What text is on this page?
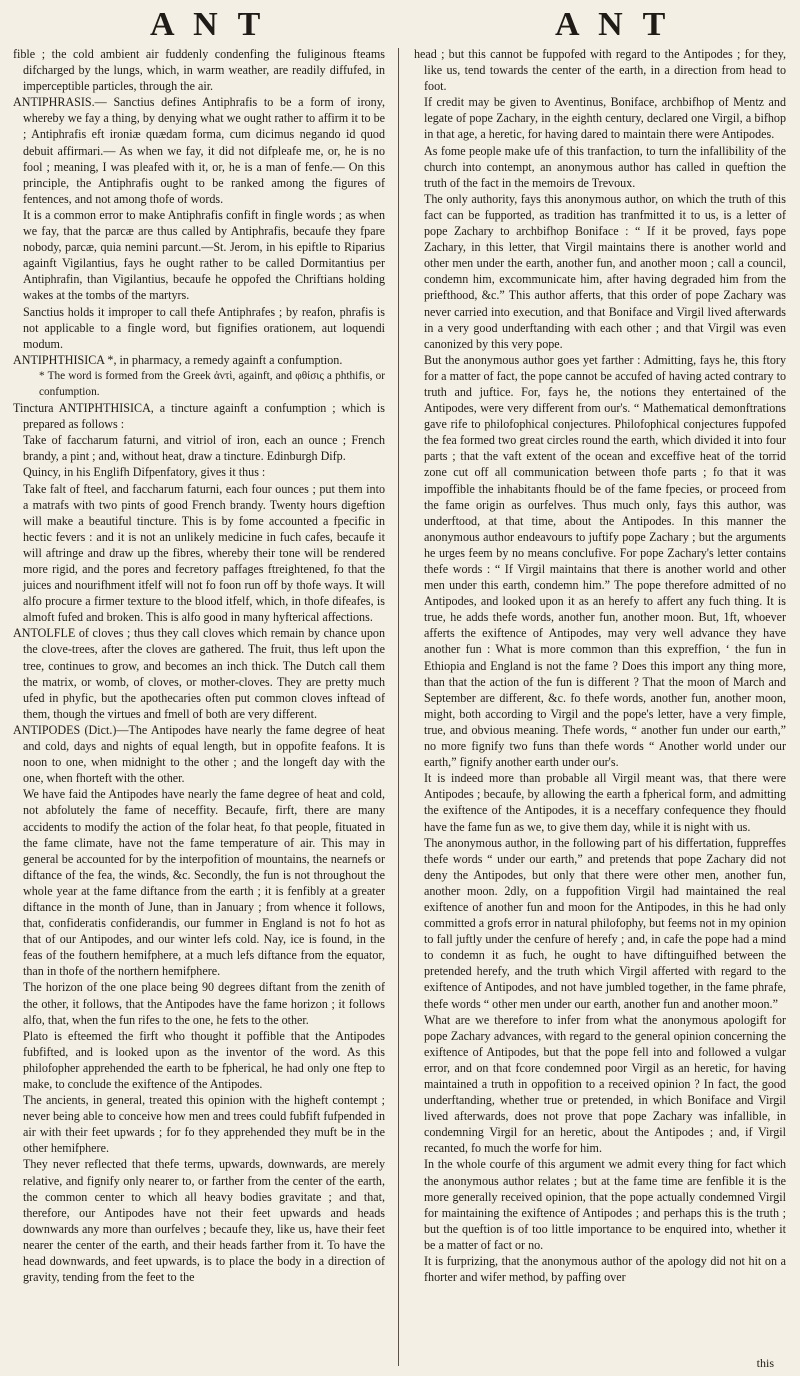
A N T	A N T

fible ; the cold ambient air fuddenly condenfing the fuliginous fteams difcharged by the lungs, which, in warm weather, are readily diffufed, in imperceptible particles, through the air.

ANTIPHRASIS.— Sanctius defines Antiphrafis to be a form of irony, whereby we fay a thing, by denying what we ought rather to affirm it to be ; Antiphrafis eft ironiæ quædam forma, cum dicimus negando id quod debuit affirmari.— As when we fay, it did not difpleafe me, or, he is no fool ; meaning, I was pleafed with it, or, he is a man of fenfe.— On this principle, the Antiphrafis ought to be ranked among the figures of fentences, and not among thofe of words.

It is a common error to make Antiphrafis confift in fingle words ; as when we fay, that the parcæ are thus called by Antiphrafis, becaufe they fpare nobody, parcæ, quia nemini parcunt.—St. Jerom, in his epiftle to Riparius againft Vigilantius, fays he ought rather to be called Dormitantius per Antiphrafin, than Vigilantius, becaufe he oppofed the Chriftians holding wakes at the tombs of the martyrs.

Sanctius holds it improper to call thefe Antiphrafes ; by reafon, phrafis is not applicable to a fingle word, but fignifies orationem, aut loquendi modum.

ANTIPHTHISICA *, in pharmacy, a remedy againft a confumption.

* The word is formed from the Greek ἀντὶ, againft, and φθίσις a phthifis, or confumption.

Tinctura ANTIPHTHISICA, a tincture againft a confumption ; which is prepared as follows :

Take of faccharum faturni, and vitriol of iron, each an ounce ; French brandy, a pint ; and, without heat, draw a tincture. Edinburgh Difp.

Quincy, in his Englifh Difpenfatory, gives it thus :

Take falt of fteel, and faccharum faturni, each four ounces ; put them into a matrafs with two pints of good French brandy. Twenty hours digeftion will make a beautiful tincture. This is by fome accounted a fpecific in hectic fevers : and it is not an unlikely medicine in fuch cafes, becaufe it will aftringe and draw up the fibres, whereby their tone will be rendered more rigid, and the pores and fecretory paffages ftreightened, fo that the juices and nourifhment itfelf will not fo foon run off by thofe ways. It will alfo procure a firmer texture to the blood itfelf, which, in thofe difeafes, is almoft fufed and broken. This is alfo good in many hyfterical affections.

ANTOLFLE of cloves ; thus they call cloves which remain by chance upon the clove-trees, after the cloves are gathered. The fruit, thus left upon the tree, continues to grow, and becomes an inch thick. The Dutch call them the matrix, or womb, of cloves, or mother-cloves. They are pretty much ufed in phyfic, but the apothecaries often put common cloves inftead of them, though the virtues and fmell of both are very different.

ANTIPODES (Dict.)—The Antipodes have nearly the fame degree of heat and cold, days and nights of equal length, but in oppofite feafons. It is noon to one, when midnight to the other ; and the longeft day with the one, when fhorteft with the other.

We have faid the Antipodes have nearly the fame degree of heat and cold, not abfolutely the fame of neceffity. Becaufe, firft, there are many accidents to modify the action of the folar heat, fo that people, fituated in the fame climate, have not the fame temperature of air. This may in general be accounted for by the interpofition of mountains, the nearnefs or diftance of the fea, the winds, &c. Secondly, the fun is not throughout the whole year at the fame diftance from the earth ; it is fenfibly at a greater diftance in the month of June, than in January ; from whence it follows, that, confideratis confiderandis, our fummer in England is not fo hot as that of our Antipodes, and our winter lefs cold. Nay, ice is found, in the feas of the fouthern hemifphere, at a much lefs diftance from the equator, than in thofe of the northern hemifphere.

The horizon of the one place being 90 degrees diftant from the zenith of the other, it follows, that the Antipodes have the fame horizon ; it follows alfo, that, when the fun rifes to the one, he fets to the other.

Plato is efteemed the firft who thought it poffible that the Antipodes fubfifted, and is looked upon as the inventor of the word. As this philofopher apprehended the earth to be fpherical, he had only one ftep to make, to conclude the exiftence of the Antipodes.

The ancients, in general, treated this opinion with the higheft contempt ; never being able to conceive how men and trees could fubfift fufpended in air with their feet upwards ; for fo they apprehended they muft be in the other hemifphere.

They never reflected that thefe terms, upwards, downwards, are merely relative, and fignify only nearer to, or farther from the center of the earth, the common center to which all heavy bodies gravitate ; and that, therefore, our Antipodes have not their feet upwards and heads downwards any more than ourfelves ; becaufe they, like us, have their feet nearer the center of the earth, and their heads farther from it. To have the head downwards, and feet upwards, is to place the body in a direction of gravity, tending from the feet to the

head ; but this cannot be fuppofed with regard to the Antipodes ; for they, like us, tend towards the center of the earth, in a direction from head to foot.

If credit may be given to Aventinus, Boniface, archbifhop of Mentz and legate of pope Zachary, in the eighth century, declared one Virgil, a bifhop in that age, a heretic, for having dared to maintain there were Antipodes.

As fome people make ufe of this tranfaction, to turn the infallibility of the church into contempt, an anonymous author has called in queftion the truth of the fact in the memoirs de Trevoux.

The only authority, fays this anonymous author, on which the truth of this fact can be fupported, as tradition has tranfmitted it to us, is a letter of pope Zachary to archbifhop Boniface : “ If it be proved, fays pope Zachary, in this letter, that Virgil maintains there is another world and other men under the earth, another fun, and another moon ; call a council, condemn him, excommunicate him, after having degraded him from the priefthood, &c.” This author afferts, that this order of pope Zachary was never carried into execution, and that Boniface and Virgil lived afterwards in a very good underftanding with each other ; and that Virgil was even canonized by this very pope.

But the anonymous author goes yet farther : Admitting, fays he, this ftory for a matter of fact, the pope cannot be accufed of having acted contrary to truth and juftice. For, fays he, the notions they entertained of the Antipodes, were very different from our's. “ Mathematical demonftrations gave rife to philofophical conjectures. Philofophical conjectures fuppofed the fea formed two great circles round the earth, which divided it into four parts ; that the vaft extent of the ocean and exceffive heat of the torrid zone cut off all communication between thofe parts ; fo that it was impoffible the inhabitants fhould be of the fame fpecies, or proceed from the fame origin as ourfelves. Thus much only, fays this author, was underftood, at that time, about the Antipodes. In this manner the anonymous author endeavours to juftify pope Zachary ; but the arguments he urges feem by no means conclufive. For pope Zachary's letter contains thefe words : “ If Virgil maintains that there is another world and other men under this earth, condemn him.” The pope therefore admitted of no Antipodes, and looked upon it as an herefy to affert any fuch thing. It is true, he adds thefe words, another fun, another moon. But, 1ft, whoever afferts the exiftence of Antipodes, may very well advance they have another fun : What is more common than this expreffion, ‘ the fun in Ethiopia and England is not the fame ? Does this import any thing more, than that the action of the fun is different ? That the moon of March and September are different, &c. fo thefe words, another fun, another moon, might, both according to Virgil and the pope's letter, have a very fimple, true, and obvious meaning. Thefe words, “ another fun under our earth,” no more fignify two funs than thefe words “ Another world under our earth,” fignify another earth under our's.

It is indeed more than probable all Virgil meant was, that there were Antipodes ; becaufe, by allowing the earth a fpherical form, and admitting the exiftence of the Antipodes, it is a neceffary confequence they fhould have the fame fun as we, to give them day, while it is night with us.

The anonymous author, in the following part of his differtation, fuppreffes thefe words “ under our earth,” and pretends that pope Zachary did not deny the Antipodes, but only that there were other men, another fun, another moon. 2dly, on a fuppofition Virgil had maintained the real exiftence of another fun and moon for the Antipodes, in this he had only committed a grofs error in natural philofophy, but feems not in my opinion to fall juftly under the cenfure of herefy ; and, in cafe the pope had a mind to condemn it as fuch, he ought to have diftinguifhed between the pretended herefy, and the truth which Virgil afferted with regard to the exiftence of Antipodes, and not have jumbled together, in the fame phrafe, thefe words “ other men under our earth, another fun and another moon.”

What are we therefore to infer from what the anonymous apologift for pope Zachary advances, with regard to the general opinion concerning the exiftence of Antipodes, but that the pope fell into and followed a vulgar error, and on that fcore condemned poor Virgil as an heretic, for having maintained a truth in oppofition to a received opinion ? In fact, the good underftanding, whether true or pretended, in which Boniface and Virgil lived afterwards, does not prove that pope Zachary was infallible, in condemning Virgil for an heretic, about the Antipodes ; and, if Virgil recanted, fo much the worfe for him.

In the whole courfe of this argument we admit every thing for fact which the anonymous author relates ; but at the fame time are fenfible it is the more generally received opinion, that the pope actually condemned Virgil for maintaining the exiftence of Antipodes ; and perhaps this is the truth ; but the queftion is of too little importance to be enquired into, whether it be a matter of fact or no.

It is furprizing, that the anonymous author of the apology did not hit on a fhorter and wifer method, by paffing over

this
